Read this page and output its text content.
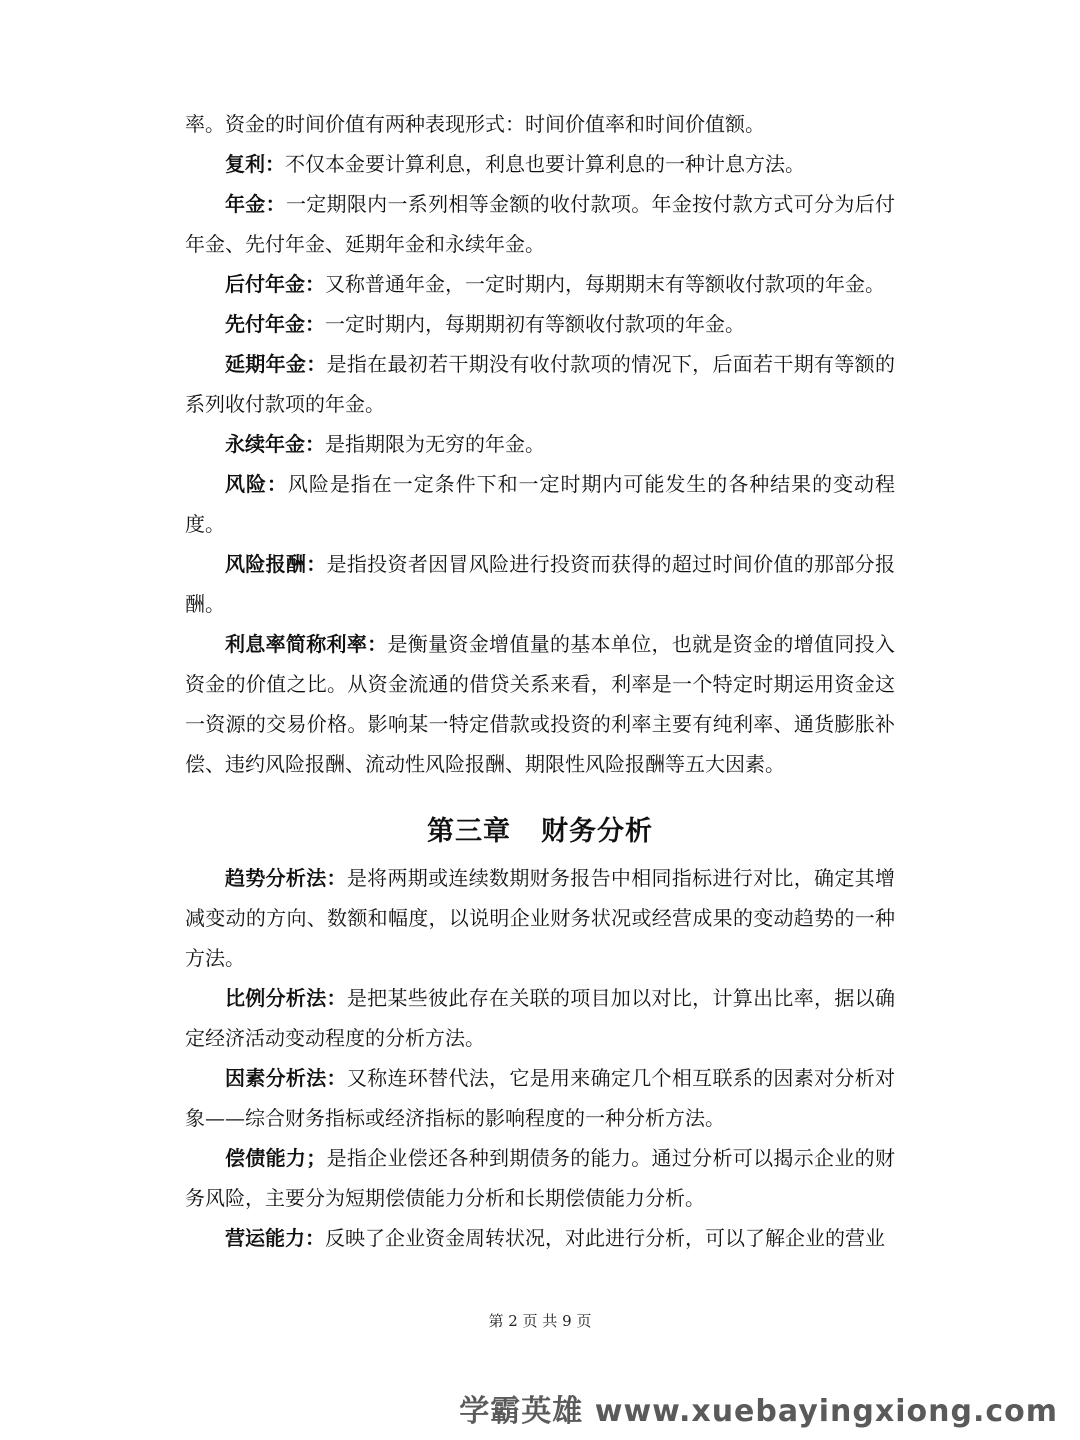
率。资金的时间价值有两种表现形式：时间价值率和时间价值额。

复利：不仅本金要计算利息，利息也要计算利息的一种计息方法。

年金：一定期限内一系列相等金额的收付款项。年金按付款方式可分为后付年金、先付年金、延期年金和永续年金。

后付年金：又称普通年金，一定时期内，每期期末有等额收付款项的年金。

先付年金：一定时期内，每期期初有等额收付款项的年金。

延期年金：是指在最初若干期没有收付款项的情况下，后面若干期有等额的系列收付款项的年金。

永续年金：是指期限为无穷的年金。

风险：风险是指在一定条件下和一定时期内可能发生的各种结果的变动程度。

风险报酬：是指投资者因冒风险进行投资而获得的超过时间价值的那部分报酬。

利息率简称利率：是衡量资金增值量的基本单位，也就是资金的增值同投入资金的价值之比。从资金流通的借贷关系来看，利率是一个特定时期运用资金这一资源的交易价格。影响某一特定借款或投资的利率主要有纯利率、通货膨胀补偿、违约风险报酬、流动性风险报酬、期限性风险报酬等五大因素。

第三章 财务分析

趋势分析法：是将两期或连续数期财务报告中相同指标进行对比，确定其增减变动的方向、数额和幅度，以说明企业财务状况或经营成果的变动趋势的一种方法。

比例分析法：是把某些彼此存在关联的项目加以对比，计算出比率，据以确定经济活动变动程度的分析方法。

因素分析法：又称连环替代法，它是用来确定几个相互联系的因素对分析对象——综合财务指标或经济指标的影响程度的一种分析方法。

偿债能力；是指企业偿还各种到期债务的能力。通过分析可以揭示企业的财务风险，主要分为短期偿债能力分析和长期偿债能力分析。

营运能力：反映了企业资金周转状况，对此进行分析，可以了解企业的营业

第 2 页 共 9 页
学霸英雄 www.xuebayingxiong.com
